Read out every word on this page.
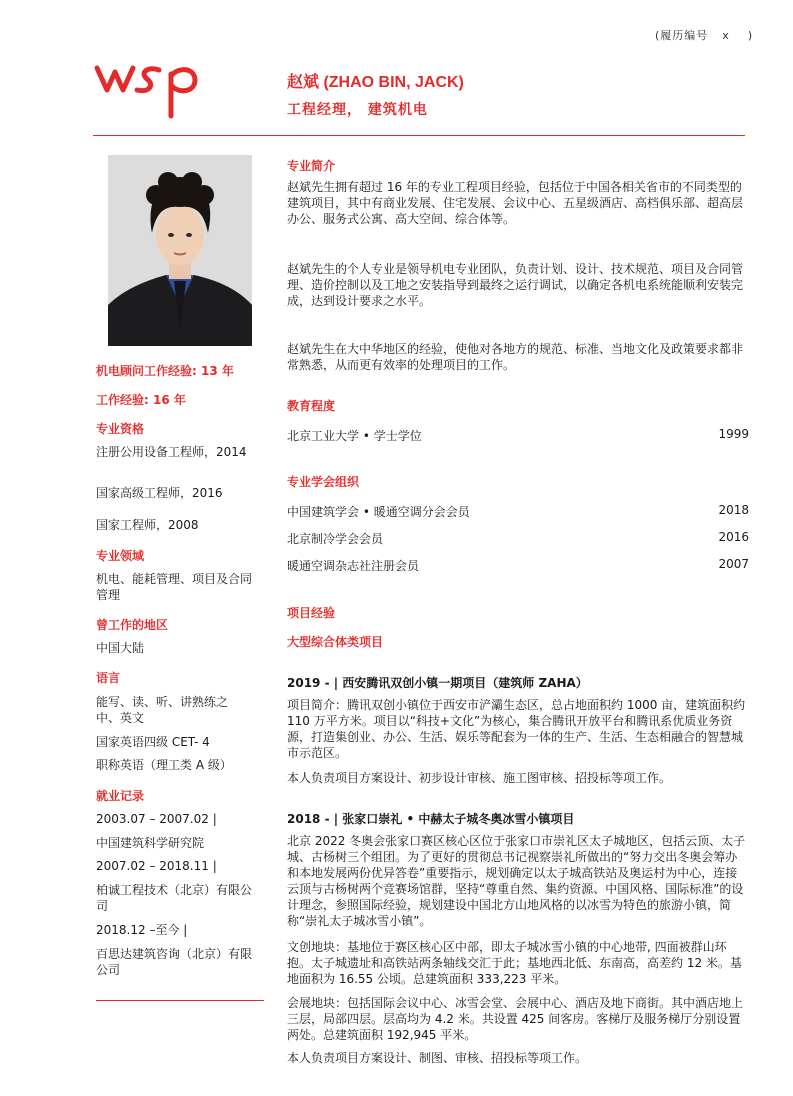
(履历编号 x )
赵斌 (ZHAO BIN, JACK)
工程经理， 建筑机电
机电顾问工作经验: 13 年
工作经验: 16 年
专业资格
注册公用设备工程师，2014
国家高级工程师，2016
国家工程师，2008
专业领域
机电、能耗管理、项目及合同管理
曾工作的地区
中国大陆
语言
能写、读、听、讲熟练之中、英文
国家英语四级 CET- 4
职称英语（理工类 A 级）
就业记录
2003.07 – 2007.02 |
中国建筑科学研究院
2007.02 – 2018.11 |
柏诚工程技术（北京）有限公司
2018.12 –至今 |
百思达建筑咨询（北京）有限公司
专业简介
赵斌先生拥有超过 16 年的专业工程项目经验，包括位于中国各相关省市的不同类型的建筑项目，其中有商业发展、住宅发展、会议中心、五星级酒店、高档俱乐部、超高层办公、服务式公寓、高大空间、综合体等。
赵斌先生的个人专业是领导机电专业团队，负责计划、设计、技术规范、项目及合同管理、造价控制以及工地之安装指导到最终之运行调试，以确定各机电系统能顺利安装完成，达到设计要求之水平。
赵斌先生在大中华地区的经验，使他对各地方的规范、标准、当地文化及政策要求都非常熟悉，从而更有效率的处理项目的工作。
教育程度
北京工业大学 • 学士学位	1999
专业学会组织
中国建筑学会 • 暖通空调分会会员	2018
北京制冷学会会员	2016
暖通空调杂志社注册会员	2007
项目经验
大型综合体类项目
2019 - | 西安腾讯双创小镇一期项目（建筑师 ZAHA）
项目简介：腾讯双创小镇位于西安市浐灞生态区，总占地面积约 1000 亩，建筑面积约 110 万平方米。项目以“科技+文化”为核心，集合腾讯开放平台和腾讯系优质业务资源，打造集创业、办公、生活、娱乐等配套为一体的生产、生活、生态相融合的智慧城市示范区。
本人负责项目方案设计、初步设计审核、施工图审核、招投标等项工作。
2018 - | 张家口崇礼 • 中赫太子城冬奥冰雪小镇项目
北京 2022 冬奥会张家口赛区核心区位于张家口市崇礼区太子城地区，包括云顶、太子城、古杨树三个组团。为了更好的贯彻总书记视察崇礼所做出的“努力交出冬奥会筹办和本地发展两份优异答卷”重要指示，规划确定以太子城高铁站及奥运村为中心，连接云顶与古杨树两个竞赛场馆群，坚持“尊重自然、集约资源、中国风格、国际标准”的设计理念，参照国际经验，规划建设中国北方山地风格的以冰雪为特色的旅游小镇，简称“崇礼太子城冰雪小镇”。
文创地块：基地位于赛区核心区中部，即太子城冰雪小镇的中心地带, 四面被群山环抱。太子城遗址和高铁站两条轴线交汇于此；基地西北低、东南高，高差约 12 米。基地面积为 16.55 公顷。总建筑面积 333,223 平米。
会展地块：包括国际会议中心、冰雪会堂、会展中心、酒店及地下商街。其中酒店地上三层，局部四层。层高均为 4.2 米。共设置 425 间客房。客梯厅及服务梯厅分别设置两处。总建筑面积 192,945 平米。
本人负责项目方案设计、制图、审核、招投标等项工作。
